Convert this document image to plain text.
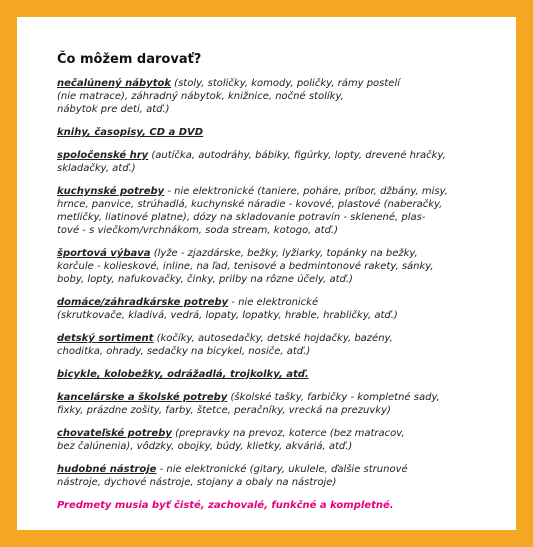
Čo môžem darovať?
nečalúnený nábytok (stoly, stoličky, komody, poličky, rámy postelí
(nie matrace), záhradný nábytok, knižnice, nočné stolíky,
nábytok pre deti, atď.)
knihy, časopisy, CD a DVD
spoločenské hry (autíčka, autodráhy, bábiky, figúrky, lopty, drevené hračky,
skladačky, atď.)
kuchynské potreby - nie elektronické (taniere, poháre, príbor, džbány, misy,
hrnce, panvice, strúhadlá, kuchynské náradie - kovové, plastové (naberačky,
metličky, liatinové platne), dózy na skladovanie potravín - sklenené, plas-
tové - s viečkom/vrchnákom, soda stream, kotogo, atď.)
športová výbava (lyže - zjazdárske, bežky, lyžiarky, topánky na bežky,
korčule - kolieskové, inline, na ľad, tenisové a bedmintonové rakety, sánky,
boby, lopty, nafukovačky, činky, prilby na rôzne účely, atď.)
domáce/záhradkárske potreby - nie elektronické
(skrutkovače, kladivá, vedrá, lopaty, lopatky, hrable, hrabličky, atď.)
detský sortiment (kočíky, autosedačky, detské hojdačky, bazény,
choditka, ohrady, sedačky na bicykel, nosiče, atď.)
bicykle, kolobežky, odrážadlá, trojkolky, atď.
kancelárske a školské potreby (školské tašky, farbičky - kompletné sady,
fixky, prázdne zošity, farby, štetce, peračníky, vrecká na prezuvky)
chovateľské potreby (prepravky na prevoz, koterce (bez matracov,
bez čalúnenia), vôdzky, obojky, búdy, klietky, akváriá, atď.)
hudobné nástroje - nie elektronické (gitary, ukulele, ďalšie strunové
nástroje, dychové nástroje, stojany a obaly na nástroje)
Predmety musia byť čisté, zachovalé, funkčné a kompletné.
